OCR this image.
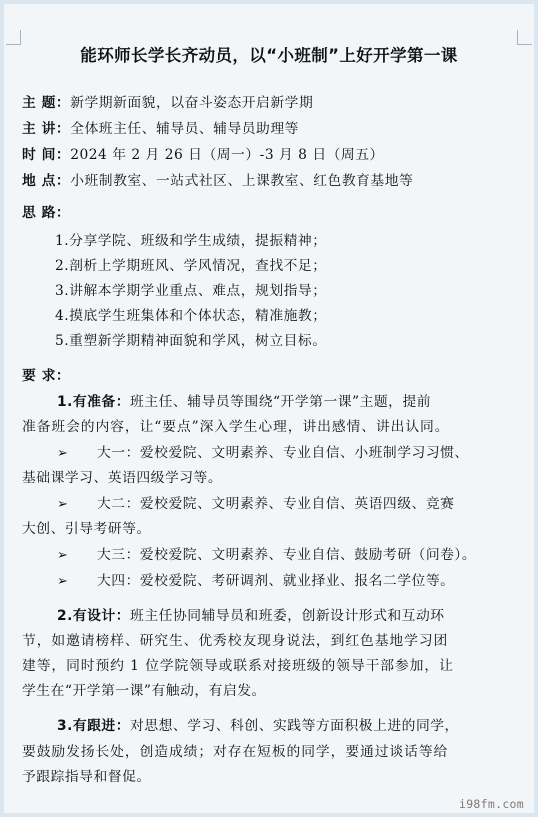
能环师长学长齐动员，以“小班制”上好开学第一课
主 题：新学期新面貌，以奋斗姿态开启新学期
主 讲：全体班主任、辅导员、辅导员助理等
时 间：2024 年 2 月 26 日（周一）-3 月 8 日（周五）
地 点：小班制教室、一站式社区、上课教室、红色教育基地等
思 路：
1.分享学院、班级和学生成绩，提振精神；
2.剖析上学期班风、学风情况，查找不足；
3.讲解本学期学业重点、难点，规划指导；
4.摸底学生班集体和个体状态，精准施教；
5.重塑新学期精神面貌和学风，树立目标。
要 求：
1.有准备：班主任、辅导员等围绕“开学第一课”主题，提前
准备班会的内容，让“要点”深入学生心理，讲出感情、讲出认同。
➢ 大一：爱校爱院、文明素养、专业自信、小班制学习习惯、
基础课学习、英语四级学习等。
➢ 大二：爱校爱院、文明素养、专业自信、英语四级、竞赛
大创、引导考研等。
➢ 大三：爱校爱院、文明素养、专业自信、鼓励考研（问卷）。
➢ 大四：爱校爱院、考研调剂、就业择业、报名二学位等。
2.有设计：班主任协同辅导员和班委，创新设计形式和互动环
节，如邀请榜样、研究生、优秀校友现身说法，到红色基地学习团
建等，同时预约 1 位学院领导或联系对接班级的领导干部参加，让
学生在“开学第一课”有触动，有启发。
3.有跟进：对思想、学习、科创、实践等方面积极上进的同学，
要鼓励发扬长处，创造成绩；对存在短板的同学，要通过谈话等给
予跟踪指导和督促。
i98fm.com
